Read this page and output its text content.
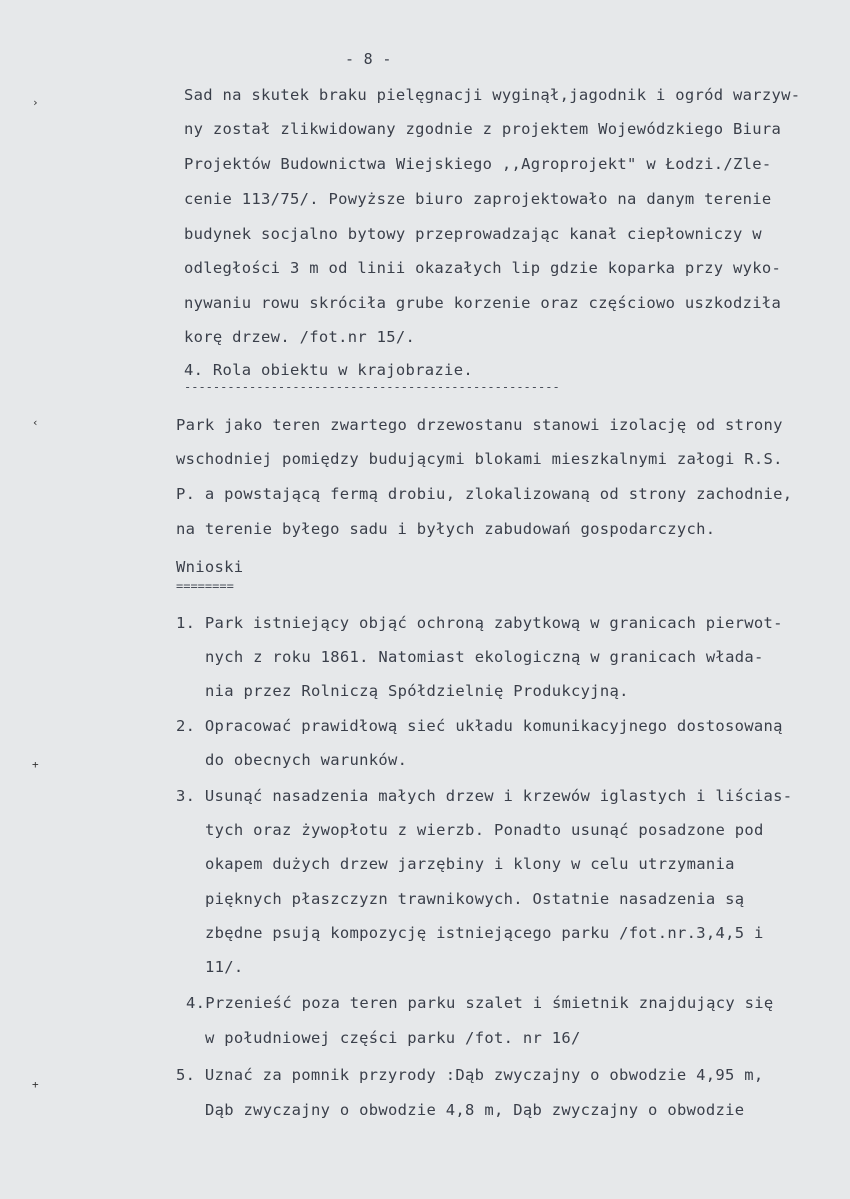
- 8 -
›
‹
+
+
Sad na skutek braku pielęgnacji wyginął,jagodnik i ogród warzyw-
ny został zlikwidowany zgodnie z projektem Wojewódzkiego Biura
Projektów Budownictwa Wiejskiego ,,Agroprojekt" w Łodzi./Zle-
cenie 113/75/. Powyższe biuro zaprojektowało na danym terenie
budynek socjalno bytowy przeprowadzając kanał ciepłowniczy w
odległości 3 m od linii okazałych lip gdzie koparka przy wyko-
nywaniu rowu skróciła grube korzenie oraz częściowo uszkodziła
korę drzew. /fot.nr 15/.
4. Rola obiektu w krajobrazie.
----------------------------------------------------
Park jako teren zwartego drzewostanu stanowi izolację od strony
wschodniej pomiędzy budującymi blokami mieszkalnymi załogi R.S.
P. a powstającą fermą drobiu, zlokalizowaną od strony zachodnie,
na terenie byłego sadu i byłych zabudowań gospodarczych.
Wnioski
========
1. Park istniejący objąć ochroną zabytkową w granicach pierwot-
nych z roku 1861. Natomiast ekologiczną w granicach włada-
nia przez Rolniczą Spółdzielnię Produkcyjną.
2. Opracować prawidłową sieć układu komunikacyjnego dostosowaną
do obecnych warunków.
3. Usunąć nasadzenia małych drzew i krzewów iglastych i liścias-
tych oraz żywopłotu z wierzb. Ponadto usunąć posadzone pod
okapem dużych drzew jarzębiny i klony w celu utrzymania
pięknych płaszczyzn trawnikowych. Ostatnie nasadzenia są
zbędne psują kompozycję istniejącego parku /fot.nr.3,4,5 i
11/.
4.Przenieść poza teren parku szalet i śmietnik znajdujący się
w południowej części parku /fot. nr 16/
5. Uznać za pomnik przyrody :Dąb zwyczajny o obwodzie 4,95 m,
Dąb zwyczajny o obwodzie 4,8 m, Dąb zwyczajny o obwodzie
